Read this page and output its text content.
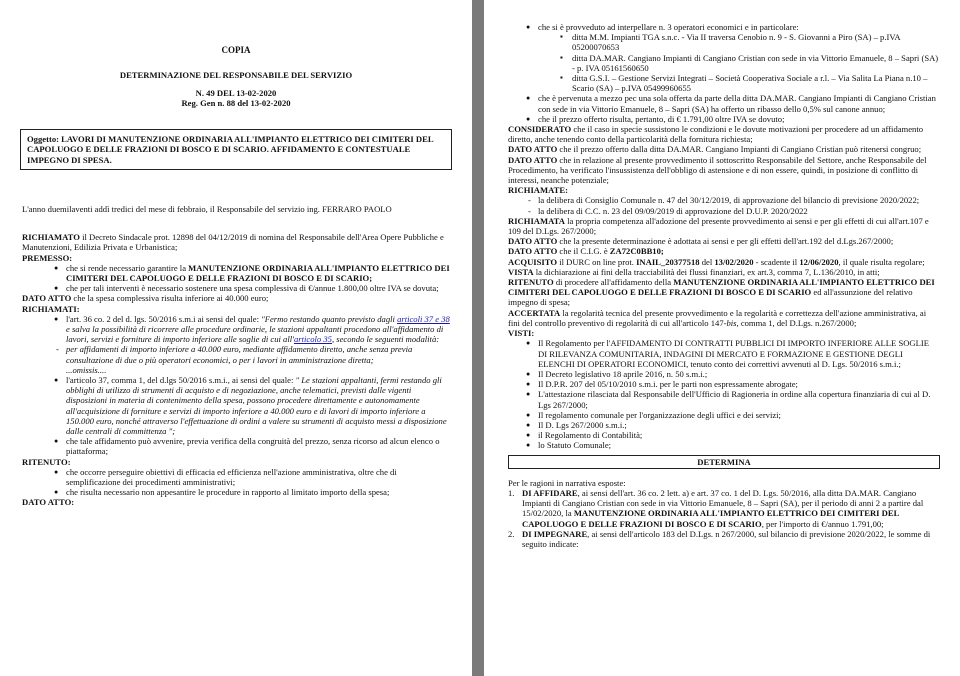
COPIA
DETERMINAZIONE DEL RESPONSABILE DEL SERVIZIO
N. 49 DEL 13-02-2020
Reg. Gen n. 88 del 13-02-2020
Oggetto: LAVORI DI MANUTENZIONE ORDINARIA ALL'IMPIANTO ELETTRICO DEI CIMITERI DEL CAPOLUOGO E DELLE FRAZIONI DI BOSCO E DI SCARIO. AFFIDAMENTO E CONTESTUALE IMPEGNO DI SPESA.
L'anno duemilaventi addì tredici del mese di febbraio, il Responsabile del servizio ing. FERRARO PAOLO
RICHIAMATO il Decreto Sindacale prot. 12898 del 04/12/2019 di nomina del Responsabile dell'Area Opere Pubbliche e Manutenzioni, Edilizia Privata e Urbanistica;
PREMESSO:
● che si rende necessario garantire la MANUTENZIONE ORDINARIA ALL'IMPIANTO ELETTRICO DEI CIMITERI DEL CAPOLUOGO E DELLE FRAZIONI DI BOSCO E DI SCARIO;
● che per tali interventi è necessario sostenere una spesa complessiva di €/annue 1.800,00 oltre IVA se dovuta;
DATO ATTO che la spesa complessiva risulta inferiore ai 40.000 euro;
RICHIAMATI:
● l'art. 36 co. 2 del d. lgs. 50/2016 s.m.i ai sensi del quale: "Fermo restando quanto previsto dagli articoli 37 e 38 e salva la possibilità di ricorrere alle procedure ordinarie, le stazioni appaltanti procedono all'affidamento di lavori, servizi e forniture di importo inferiore alle soglie di cui all'articolo 35, secondo le seguenti modalità:
- per affidamenti di importo inferiore a 40.000 euro, mediante affidamento diretto, anche senza previa consultazione di due o più operatori economici, o per i lavori in amministrazione diretta;
...omissis....
● l'articolo 37, comma 1, del d.lgs 50/2016 s.m.i., ai sensi del quale: " Le stazioni appaltanti, fermi restando gli obblighi di utilizzo di strumenti di acquisto e di negoziazione, anche telematici, previsti dalle vigenti disposizioni in materia di contenimento della spesa, possono procedere direttamente e autonomamente all'acquisizione di forniture e servizi di importo inferiore a 40.000 euro e di lavori di importo inferiore a 150.000 euro, nonché attraverso l'effettuazione di ordini a valere su strumenti di acquisto messi a disposizione dalle centrali di committenza ";
● che tale affidamento può avvenire, previa verifica della congruità del prezzo, senza ricorso ad alcun elenco o piattaforma;
RITENUTO:
● che occorre perseguire obiettivi di efficacia ed efficienza nell'azione amministrativa, oltre che di semplificazione dei procedimenti amministrativi;
● che risulta necessario non appesantire le procedure in rapporto al limitato importo della spesa;
DATO ATTO:
● che si è provveduto ad interpellare n. 3 operatori economici e in particolare:
▪ ditta M.M. Impianti TGA s.n.c. - Via II traversa Cenobio n. 9 - S. Giovanni a Piro (SA) – p.IVA 05200070653
▪ ditta DA.MAR. Cangiano Impianti di Cangiano Cristian con sede in via Vittorio Emanuele, 8 – Sapri (SA) - p. IVA 05161560650
▪ ditta G.S.I. – Gestione Servizi Integrati – Società Cooperativa Sociale a r.l. – Via Salita La Piana n.10 – Scario (SA) – p.IVA 05499960655
● che è pervenuta a mezzo pec una sola offerta da parte della ditta DA.MAR. Cangiano Impianti di Cangiano Cristian con sede in via Vittorio Emanuele, 8 – Sapri (SA) ha offerto un ribasso dello 0,5% sul canone annuo;
● che il prezzo offerto risulta, pertanto, di € 1.791,00 oltre IVA se dovuto;
CONSIDERATO che il caso in specie sussistono le condizioni e le dovute motivazioni per procedere ad un affidamento diretto, anche tenendo conto della particolarità della fornitura richiesta;
DATO ATTO che il prezzo offerto dalla ditta DA.MAR. Cangiano Impianti di Cangiano Cristian può ritenersi congruo;
DATO ATTO che in relazione al presente provvedimento il sottoscritto Responsabile del Settore, anche Responsabile del Procedimento, ha verificato l'insussistenza dell'obbligo di astensione e di non essere, quindi, in posizione di conflitto di interessi, neanche potenziale;
RICHIAMATE:
- la delibera di Consiglio Comunale n. 47 del 30/12/2019, di approvazione del bilancio di previsione 2020/2022;
- la delibera di C.C. n. 23 del 09/09/2019 di approvazione del D.U.P. 2020/2022
RICHIAMATA la propria competenza all'adozione del presente provvedimento ai sensi e per gli effetti di cui all'art.107 e 109 del D.Lgs. 267/2000;
DATO ATTO che la presente determinazione è adottata ai sensi e per gli effetti dell'art.192 del d.Lgs.267/2000;
DATO ATTO che il C.I.G. è ZA72C0BB10;
ACQUISITO il DURC on line prot. INAIL_20377518 del 13/02/2020 - scadente il 12/06/2020, il quale risulta regolare;
VISTA la dichiarazione ai fini della tracciabilità dei flussi finanziari, ex art.3, comma 7, L.136/2010, in atti;
RITENUTO di procedere all'affidamento della MANUTENZIONE ORDINARIA ALL'IMPIANTO ELETTRICO DEI CIMITERI DEL CAPOLUOGO E DELLE FRAZIONI DI BOSCO E DI SCARIO ed all'assunzione del relativo impegno di spesa;
ACCERTATA la regolarità tecnica del presente provvedimento e la regolarità e correttezza dell'azione amministrativa, ai fini del controllo preventivo di regolarità di cui all'articolo 147-bis, comma 1, del D.Lgs. n.267/2000;
VISTI:
● Il Regolamento per l'AFFIDAMENTO DI CONTRATTI PUBBLICI DI IMPORTO INFERIORE ALLE SOGLIE DI RILEVANZA COMUNITARIA, INDAGINI DI MERCATO E FORMAZIONE E GESTIONE DEGLI ELENCHI DI OPERATORI ECONOMICI, tenuto conto dei correttivi avvenuti al D. Lgs. 50/2016 s.m.i.;
● Il Decreto legislativo 18 aprile 2016, n. 50 s.m.i.;
● Il D.P.R. 207 del 05/10/2010 s.m.i. per le parti non espressamente abrogate;
● L'attestazione rilasciata dal Responsabile dell'Ufficio di Ragioneria in ordine alla copertura finanziaria di cui al D. Lgs 267/2000;
● Il regolamento comunale per l'organizzazione degli uffici e dei servizi;
● Il D. Lgs 267/2000 s.m.i.;
● il Regolamento di Contabilità;
● lo Statuto Comunale;
DETERMINA
Per le ragioni in narrativa esposte:
1. DI AFFIDARE, ai sensi dell'art. 36 co. 2 lett. a) e art. 37 co. 1 del D. Lgs. 50/2016, alla ditta DA.MAR. Cangiano Impianti di Cangiano Cristian con sede in via Vittorio Emanuele, 8 – Sapri (SA), per il periodo di anni 2 a partire dal 15/02/2020, la MANUTENZIONE ORDINARIA ALL'IMPIANTO ELETTRICO DEI CIMITERI DEL CAPOLUOGO E DELLE FRAZIONI DI BOSCO E DI SCARIO, per l'importo di €/annuo 1.791,00;
2. DI IMPEGNARE, ai sensi dell'articolo 183 del D.Lgs. n 267/2000, sul bilancio di previsione 2020/2022, le somme di seguito indicate:
